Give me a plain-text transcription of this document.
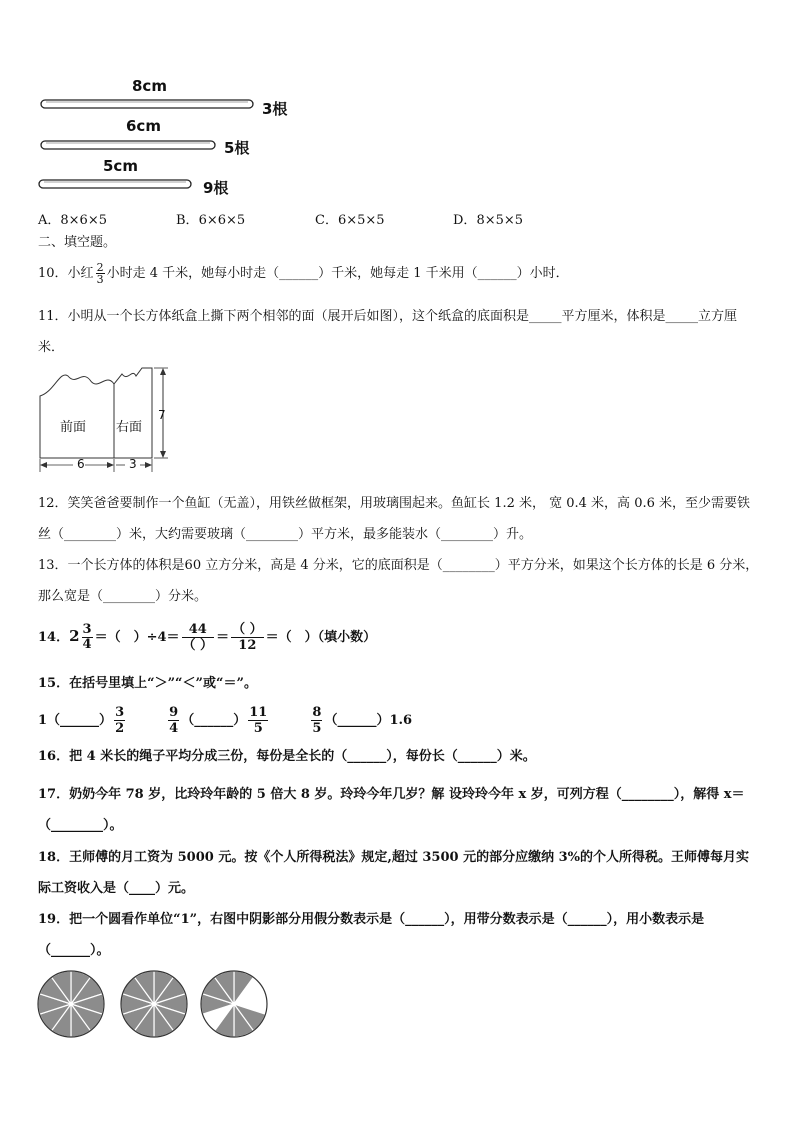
8cm
3根
6cm
5根
5cm
9根
A．8×6×5	B．6×6×5	C．6×5×5	D．8×5×5
二、填空题。
10．小红 $\frac{2}{3}$ 小时走 4 千米，她每小时走（______）千米，她每走 1 千米用（______）小时．
11．小明从一个长方体纸盒上撕下两个相邻的面（展开后如图），这个纸盒的底面积是_____平方厘米，体积是_____立方厘米．
前面 右面
7
6	3
12．笑笑爸爸要制作一个鱼缸（无盖），用铁丝做框架，用玻璃围起来。鱼缸长 1.2 米， 宽 0.4 米，高 0.6 米，至少需要铁丝（________）米，大约需要玻璃（________）平方米，最多能装水（________）升。
13．一个长方体的体积是60 立方分米，高是 4 分米，它的底面积是（________）平方分米，如果这个长方体的长是 6 分米，那么宽是（________）分米。
14．$2 \frac{3}{4}$ ＝（　）$\div 4= \frac{44}{( )} = \frac{( )}{12}$ ＝（　）（填小数）
15．在括号里填上“＞”“＜”或“＝”。
1（______） $\frac{3}{2}$
	$\frac{9}{4}$ （______） $\frac{11}{5}$
	$\frac{8}{5}$ （______）1.6
16．把 4 米长的绳子平均分成三份，每份是全长的（______），每份长（______）米。
17．奶奶今年 78 岁，比玲玲年龄的 5 倍大 8 岁。玲玲今年几岁？解 设玲玲今年 x 岁，可列方程（________），解得 x＝（________）。
18．王师傅的月工资为 5000 元。按《个人所得税法》规定,超过 3500 元的部分应缴纳 3%的个人所得税。王师傅每月实际工资收入是（____）元。
19．把一个圆看作单位“1”，右图中阴影部分用假分数表示是（______），用带分数表示是（______），用小数表示是（______）。
